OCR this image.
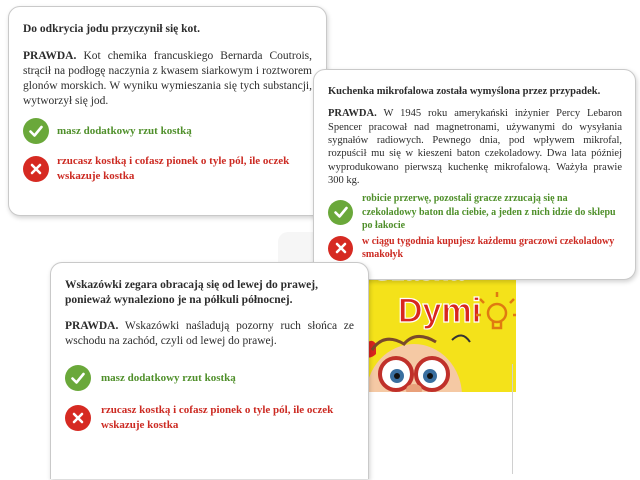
Dymi
Do odkrycia jodu przyczynił się kot.
PRAWDA. Kot chemika francuskiego Bernarda Coutrois, strącił na podłogę naczynia z kwasem siarkowym i roztworem glonów morskich. W wyniku wymieszania się tych substancji, wytworzył się jod.
masz dodatkowy rzut kostką
rzucasz kostką i cofasz pionek o tyle pól, ile oczek wskazuje kostka
Kuchenka mikrofalowa została wymyślona przez przypadek.
PRAWDA. W 1945 roku amerykański inżynier Percy Lebaron Spencer pracował nad magnetronami, używanymi do wysyłania sygnałów radiowych. Pewnego dnia, pod wpływem mikrofal, rozpuścił mu się w kieszeni baton czekoladowy. Dwa lata później wyprodukowano pierwszą kuchenkę mikrofalową. Ważyła prawie 300 kg.
robicie przerwę, pozostali gracze zrzucają się na czekoladowy baton dla ciebie, a jeden z nich idzie do sklepu po łakocie
w ciągu tygodnia kupujesz każdemu graczowi czekoladowy smakołyk
Wskazówki zegara obracają się od lewej do prawej, ponieważ wynaleziono je na półkuli północnej.
PRAWDA. Wskazówki naśladują pozorny ruch słońca ze wschodu na zachód, czyli od lewej do prawej.
masz dodatkowy rzut kostką
rzucasz kostką i cofasz pionek o tyle pól, ile oczek wskazuje kostka
